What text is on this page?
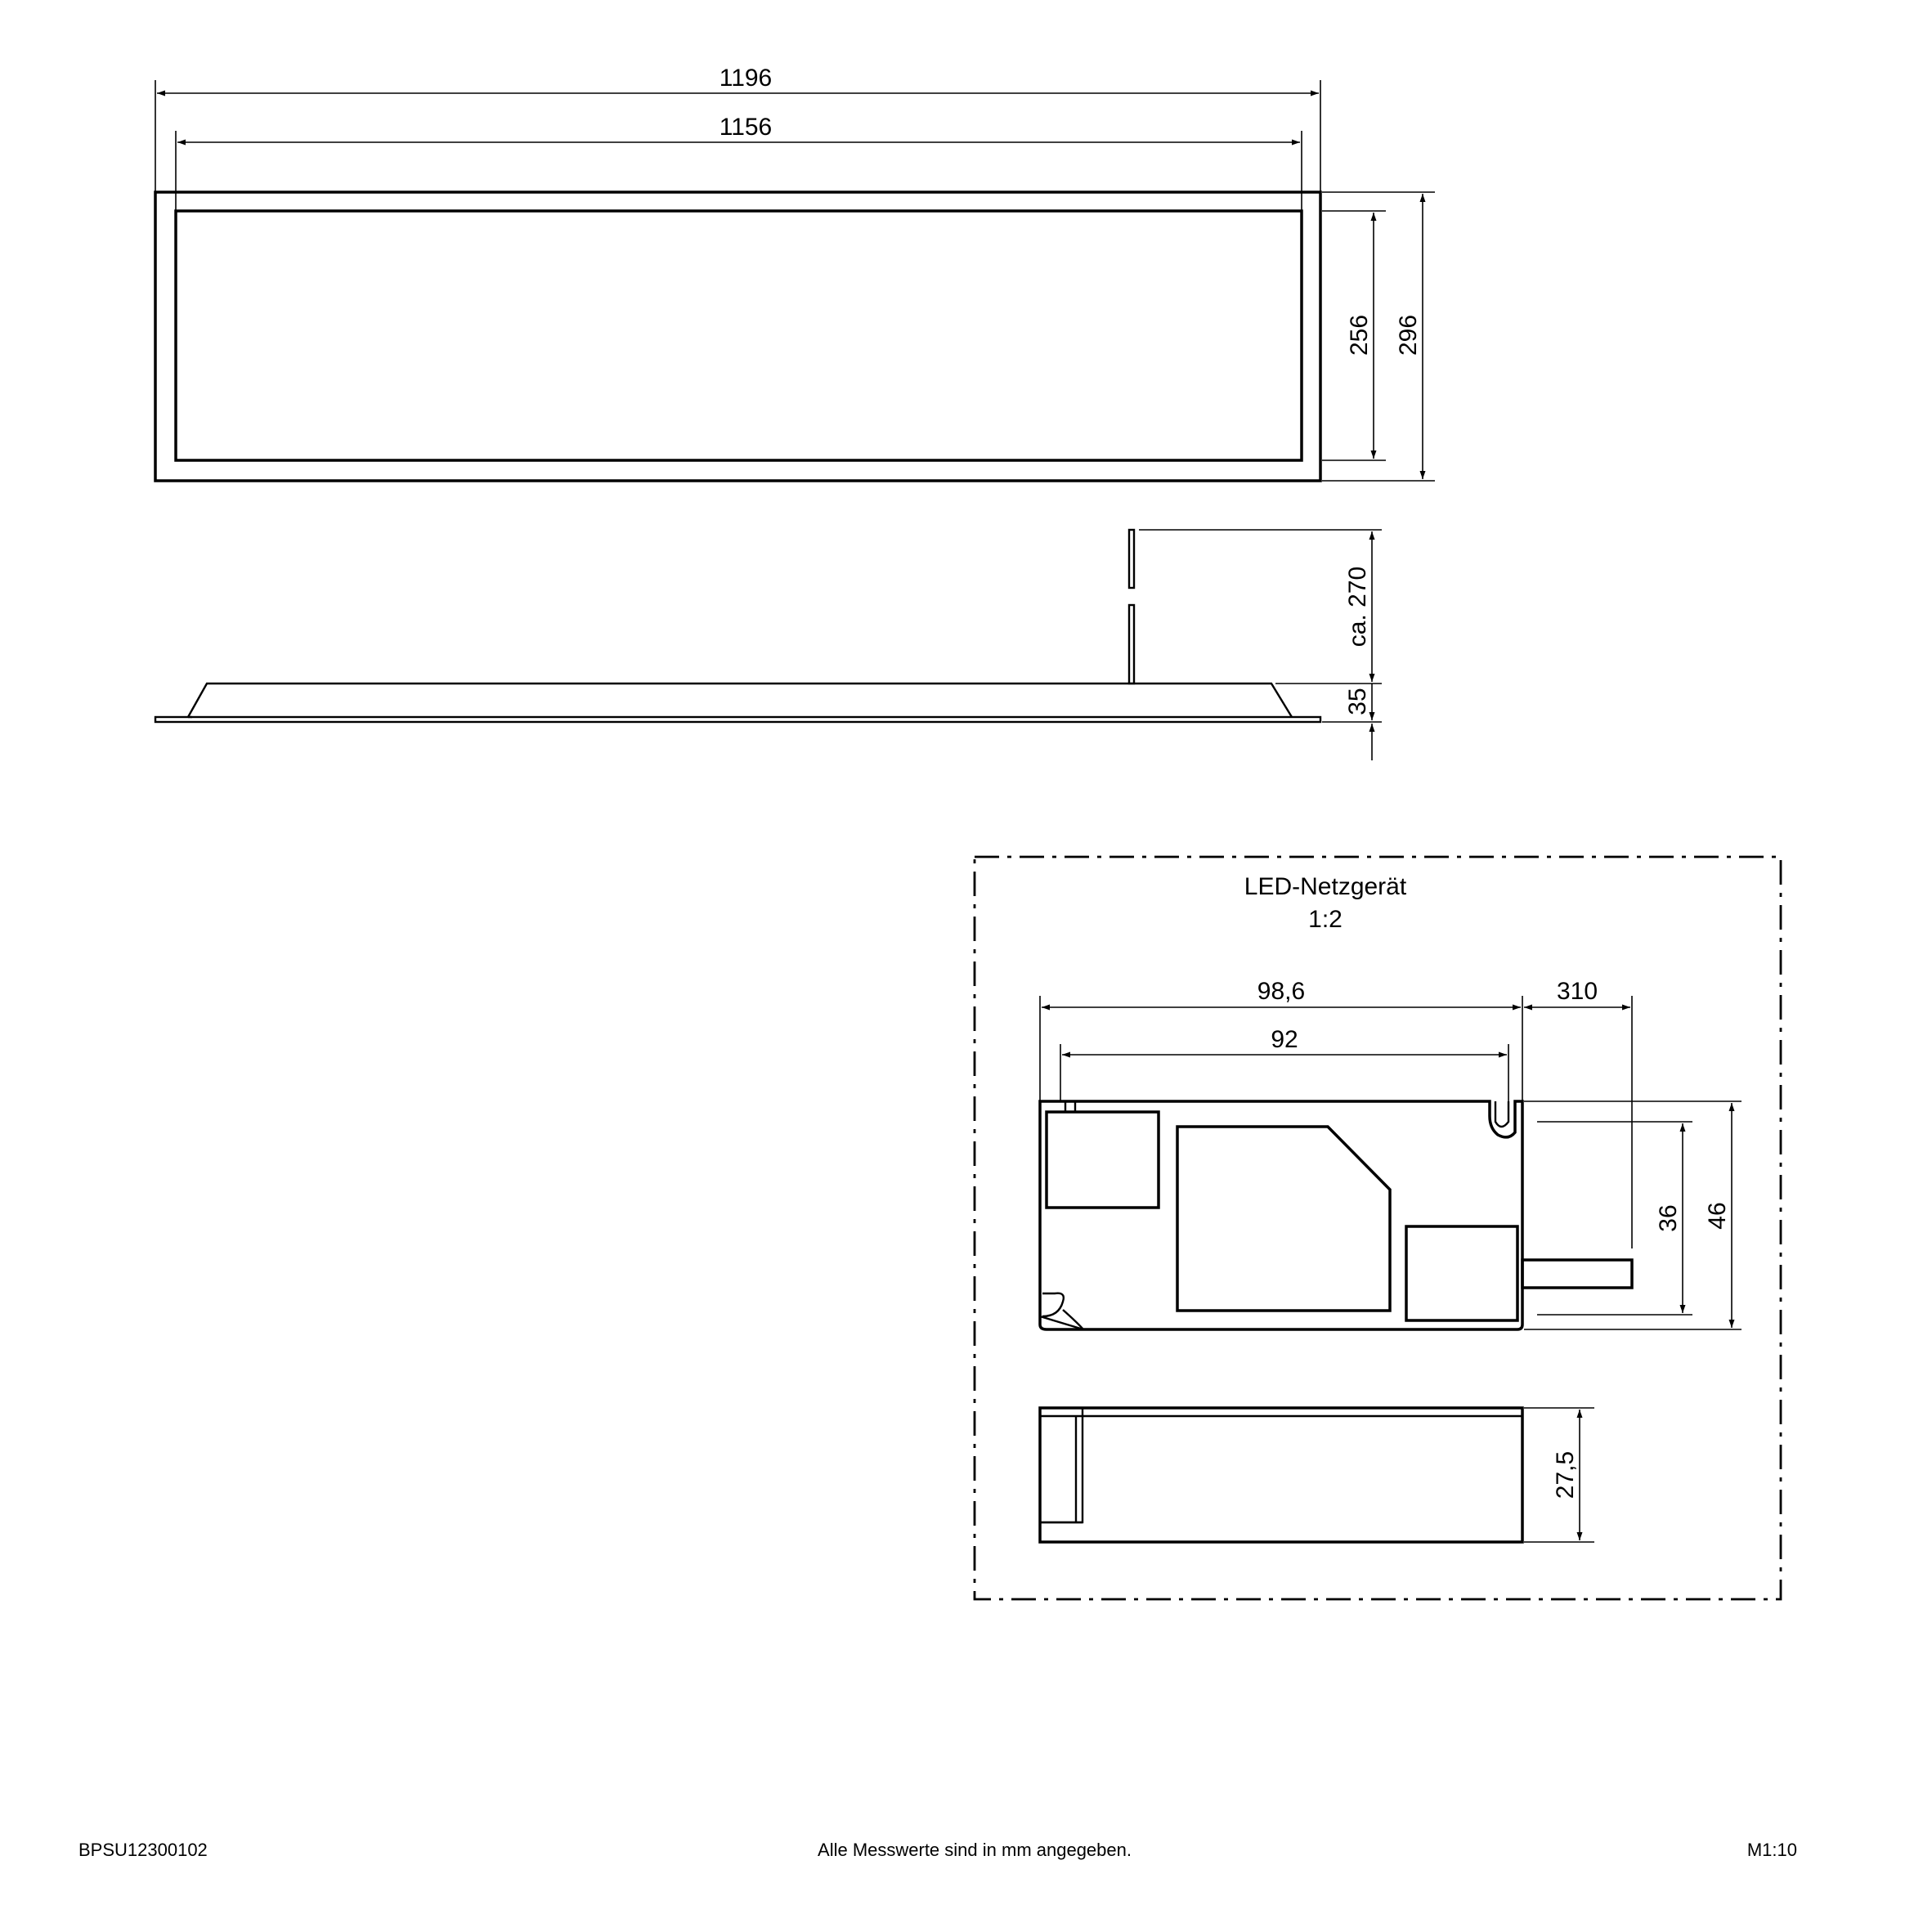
1196
1156
256 296
ca. 270
35
LED-Netzgerät
1:2
98,6
92
310
36 46
27,5
BPSU12300102	Alle Messwerte sind in mm angegeben.	M1:10
